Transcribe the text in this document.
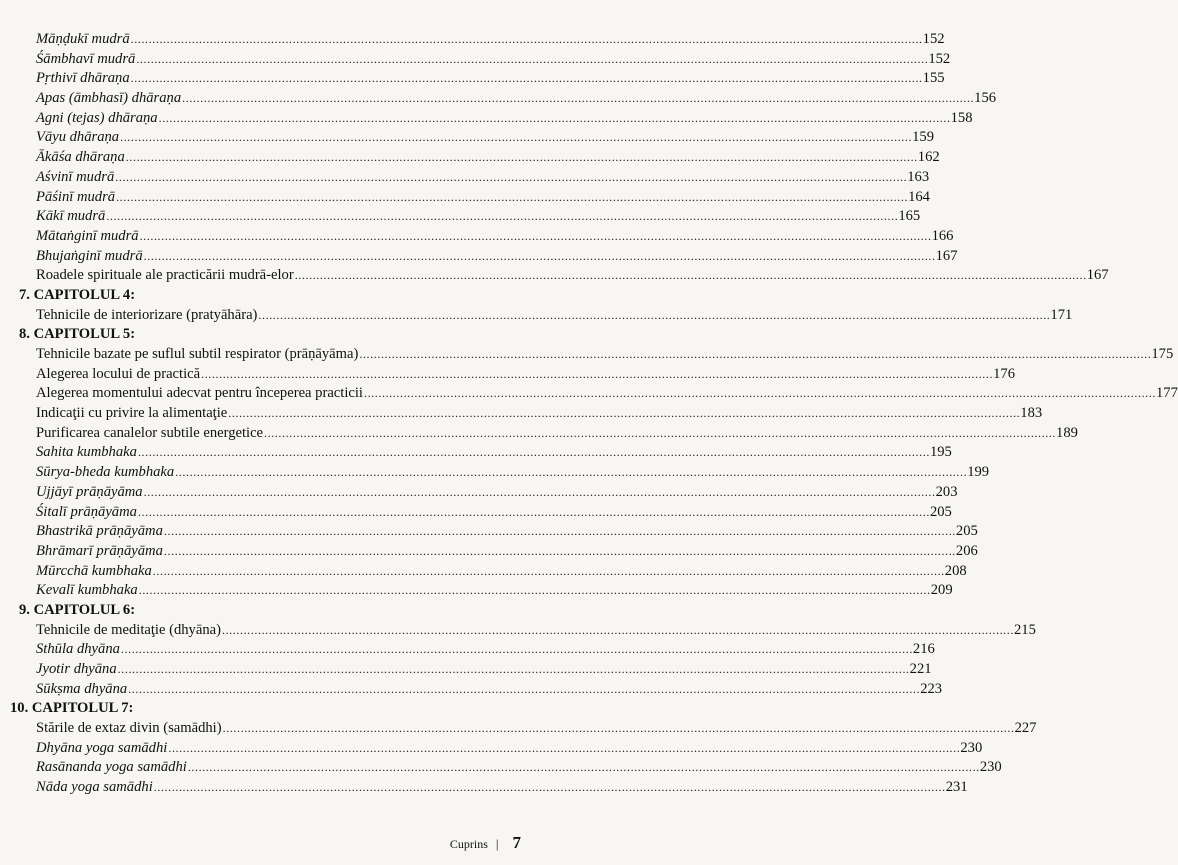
Māṇḍukī mudrā ............................................................................................................................................................................................................................ 152
Śāmbhavī mudrā ............................................................................................................................................................................................................................ 152
Pṛthivī dhāraṇa ............................................................................................................................................................................................................................ 155
Apas (āmbhasī) dhāraṇa ............................................................................................................................................................................................................................ 156
Agni (tejas) dhāraṇa ............................................................................................................................................................................................................................ 158
Vāyu dhāraṇa ............................................................................................................................................................................................................................ 159
Ākāśa dhāraṇa ............................................................................................................................................................................................................................ 162
Aśvinī mudrā ............................................................................................................................................................................................................................ 163
Pāśinī mudrā ............................................................................................................................................................................................................................ 164
Kākī mudrā ............................................................................................................................................................................................................................ 165
Mātaṅginī mudrā ............................................................................................................................................................................................................................ 166
Bhujaṅginī mudrā ............................................................................................................................................................................................................................ 167
Roadele spirituale ale practicării mudrā-elor ............................................................................................................................................................................................................................ 167
7. CAPITOLUL 4:
Tehnicile de interiorizare (pratyāhāra) ............................................................................................................................................................................................................................ 171
8. CAPITOLUL 5:
Tehnicile bazate pe suflul subtil respirator (prāṇāyāma) ............................................................................................................................................................................................................................ 175
Alegerea locului de practică ............................................................................................................................................................................................................................ 176
Alegerea momentului adecvat pentru începerea practicii ............................................................................................................................................................................................................................ 177
Indicaţii cu privire la alimentaţie ............................................................................................................................................................................................................................ 183
Purificarea canalelor subtile energetice ............................................................................................................................................................................................................................ 189
Sahita kumbhaka ............................................................................................................................................................................................................................ 195
Sūrya-bheda kumbhaka ............................................................................................................................................................................................................................ 199
Ujjāyī prāṇāyāma ............................................................................................................................................................................................................................ 203
Śitalī prāṇāyāma ............................................................................................................................................................................................................................ 205
Bhastrikā prāṇāyāma ............................................................................................................................................................................................................................ 205
Bhrāmarī prāṇāyāma ............................................................................................................................................................................................................................ 206
Mūrcchā kumbhaka ............................................................................................................................................................................................................................ 208
Kevalī kumbhaka ............................................................................................................................................................................................................................ 209
9. CAPITOLUL 6:
Tehnicile de meditaţie (dhyāna) ............................................................................................................................................................................................................................ 215
Sthūla dhyāna ............................................................................................................................................................................................................................ 216
Jyotir dhyāna ............................................................................................................................................................................................................................ 221
Sūkṣma dhyāna ............................................................................................................................................................................................................................ 223
10. CAPITOLUL 7:
Stările de extaz divin (samādhi) ............................................................................................................................................................................................................................ 227
Dhyāna yoga samādhi ............................................................................................................................................................................................................................ 230
Rasānanda yoga samādhi ............................................................................................................................................................................................................................ 230
Nāda yoga samādhi ............................................................................................................................................................................................................................ 231
Cuprins | 7
